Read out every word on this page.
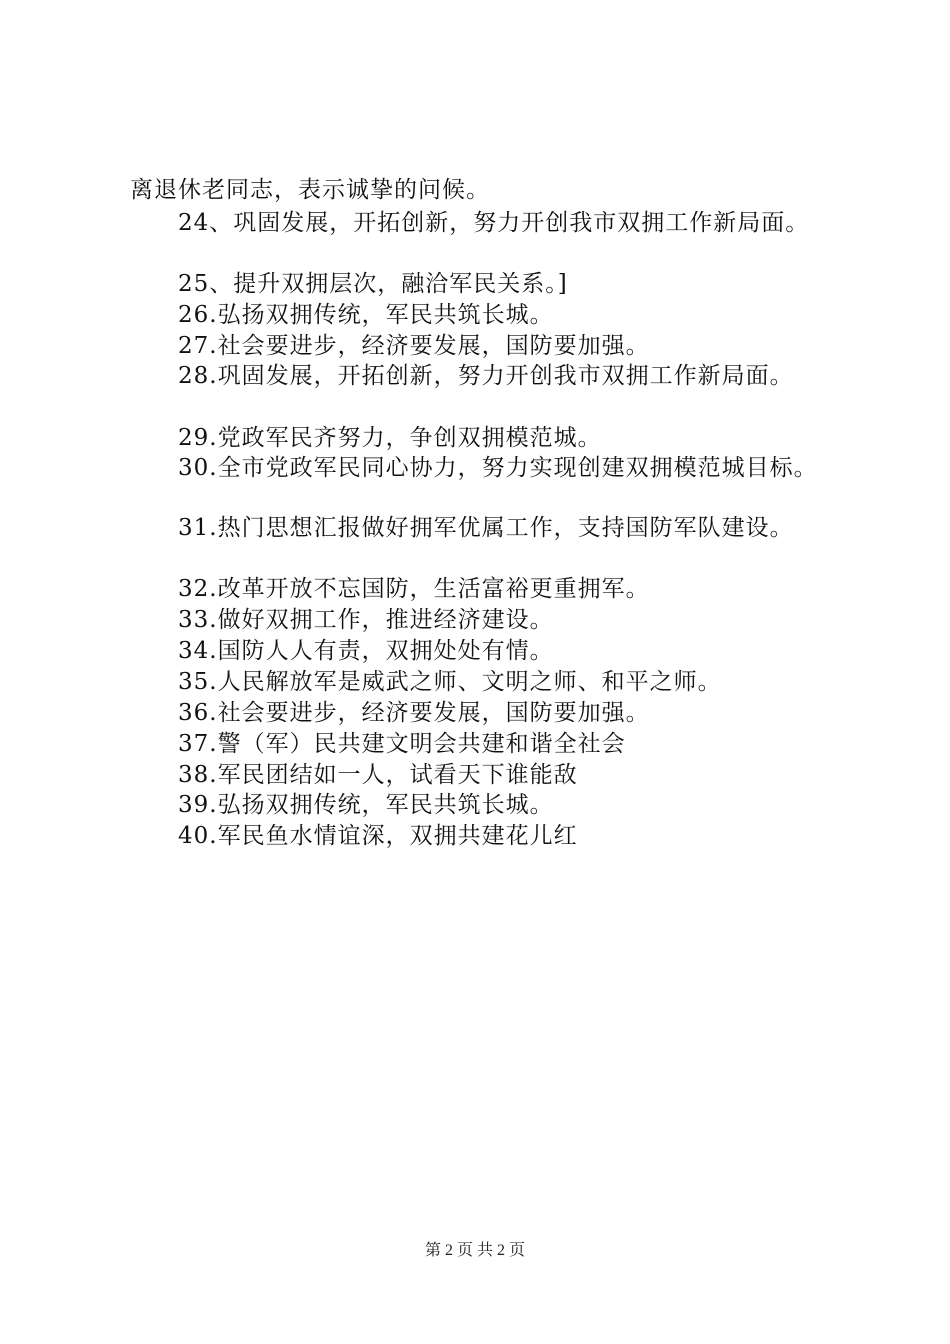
离退休老同志，表示诚挚的问候。
24、巩固发展，开拓创新，努力开创我市双拥工作新局面。
25、提升双拥层次，融洽军民关系。]
26.弘扬双拥传统，军民共筑长城。
27.社会要进步，经济要发展，国防要加强。
28.巩固发展，开拓创新，努力开创我市双拥工作新局面。
29.党政军民齐努力，争创双拥模范城。
30.全市党政军民同心协力，努力实现创建双拥模范城目标。
31.热门思想汇报做好拥军优属工作，支持国防军队建设。
32.改革开放不忘国防，生活富裕更重拥军。
33.做好双拥工作，推进经济建设。
34.国防人人有责，双拥处处有情。
35.人民解放军是威武之师、文明之师、和平之师。
36.社会要进步，经济要发展，国防要加强。
37.警（军）民共建文明会共建和谐全社会
38.军民团结如一人，试看天下谁能敌
39.弘扬双拥传统，军民共筑长城。
40.军民鱼水情谊深，双拥共建花儿红
第 2 页 共 2 页
